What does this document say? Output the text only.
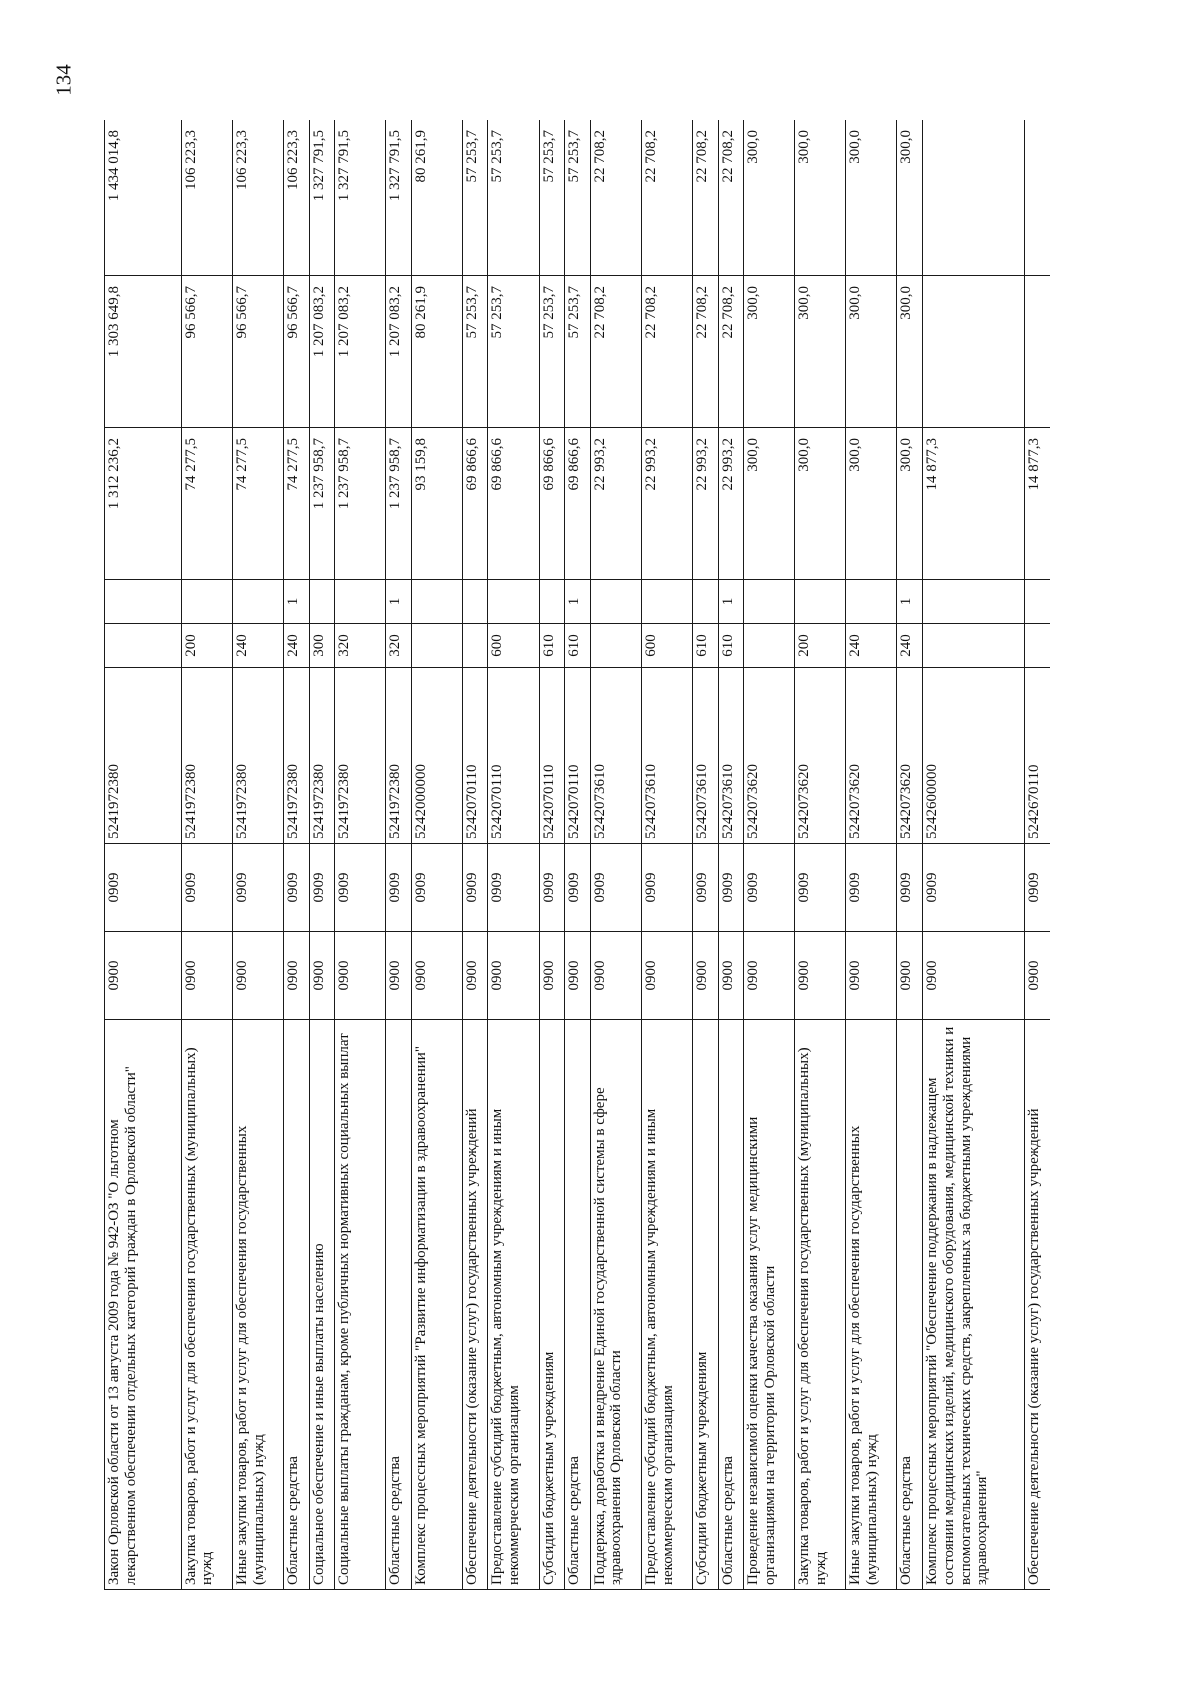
134
Закон Орловской области от 13 августа 2009 года № 942-ОЗ "О льготном лекарственном обеспечении отдельных категорий граждан в Орловской области"	0900	0909	5241972380			1 312 236,2	1 303 649,8	1 434 014,8
Закупка товаров, работ и услуг для обеспечения государственных (муниципальных) нужд	0900	0909	5241972380	200		74 277,5	96 566,7	106 223,3
Иные закупки товаров, работ и услуг для обеспечения государственных (муниципальных) нужд	0900	0909	5241972380	240		74 277,5	96 566,7	106 223,3
Областные средства	0900	0909	5241972380	240	1	74 277,5	96 566,7	106 223,3
Социальное обеспечение и иные выплаты населению	0900	0909	5241972380	300		1 237 958,7	1 207 083,2	1 327 791,5
Социальные выплаты гражданам, кроме публичных нормативных социальных выплат	0900	0909	5241972380	320		1 237 958,7	1 207 083,2	1 327 791,5
Областные средства	0900	0909	5241972380	320	1	1 237 958,7	1 207 083,2	1 327 791,5
Комплекс процессных мероприятий "Развитие информатизации в здравоохранении"	0900	0909	5242000000			93 159,8	80 261,9	80 261,9
Обеспечение деятельности (оказание услуг) государственных учреждений	0900	0909	5242070110			69 866,6	57 253,7	57 253,7
Предоставление субсидий бюджетным, автономным учреждениям и иным некоммерческим организациям	0900	0909	5242070110	600		69 866,6	57 253,7	57 253,7
Субсидии бюджетным учреждениям	0900	0909	5242070110	610		69 866,6	57 253,7	57 253,7
Областные средства	0900	0909	5242070110	610	1	69 866,6	57 253,7	57 253,7
Поддержка, доработка и внедрение Единой государственной системы в сфере здравоохранения Орловской области	0900	0909	5242073610			22 993,2	22 708,2	22 708,2
Предоставление субсидий бюджетным, автономным учреждениям и иным некоммерческим организациям	0900	0909	5242073610	600		22 993,2	22 708,2	22 708,2
Субсидии бюджетным учреждениям	0900	0909	5242073610	610		22 993,2	22 708,2	22 708,2
Областные средства	0900	0909	5242073610	610	1	22 993,2	22 708,2	22 708,2
Проведение независимой оценки качества оказания услуг медицинскими организациями на территории Орловской области	0900	0909	5242073620			300,0	300,0	300,0
Закупка товаров, работ и услуг для обеспечения государственных (муниципальных) нужд	0900	0909	5242073620	200		300,0	300,0	300,0
Иные закупки товаров, работ и услуг для обеспечения государственных (муниципальных) нужд	0900	0909	5242073620	240		300,0	300,0	300,0
Областные средства	0900	0909	5242073620	240	1	300,0	300,0	300,0
Комплекс процессных мероприятий "Обеспечение поддержания в надлежащем состоянии медицинских изделий, медицинского оборудования, медицинской техники и вспомогательных технических средств, закрепленных за бюджетными учреждениями здравоохранения"	0900	0909	5242600000			14 877,3		
Обеспечение деятельности (оказание услуг) государственных учреждений	0900	0909	5242670110			14 877,3		
